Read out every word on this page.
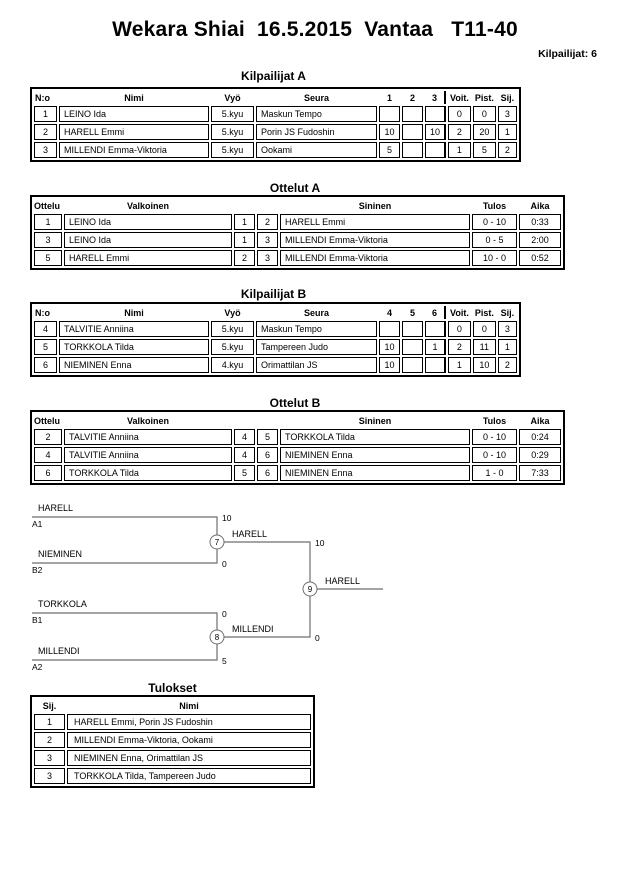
Wekara Shiai  16.5.2015  Vantaa   T11-40
Kilpailijat: 6
Kilpailijat A
N:o	Nimi	Vyö	Seura	1	2	3	Voit.	Pist.	Sij.
1	LEINO Ida	5.kyu	Maskun Tempo				0	0	3
2	HARELL Emmi	5.kyu	Porin JS Fudoshin	10		10	2	20	1
3	MILLENDI Emma-Viktoria	5.kyu	Ookami	5			1	5	2
Ottelut A
Ottelu	Valkoinen			Sininen	Tulos	Aika
1	LEINO Ida	1	2	HARELL Emmi	0 - 10	0:33
3	LEINO Ida	1	3	MILLENDI Emma-Viktoria	0 - 5	2:00
5	HARELL Emmi	2	3	MILLENDI Emma-Viktoria	10 - 0	0:52
Kilpailijat B
N:o	Nimi	Vyö	Seura	4	5	6	Voit.	Pist.	Sij.
4	TALVITIE Anniina	5.kyu	Maskun Tempo				0	0	3
5	TORKKOLA Tilda	5.kyu	Tampereen Judo	10		1	2	11	1
6	NIEMINEN Enna	4.kyu	Orimattilan JS	10			1	10	2
Ottelut B
Ottelu	Valkoinen			Sininen	Tulos	Aika
2	TALVITIE Anniina	4	5	TORKKOLA Tilda	0 - 10	0:24
4	TALVITIE Anniina	4	6	NIEMINEN Enna	0 - 10	0:29
6	TORKKOLA Tilda	5	6	NIEMINEN Enna	1 - 0	7:33
HARELL
A1
10
NIEMINEN
B2
0
7
HARELL
10
9
HARELL
TORKKOLA
B1
0
MILLENDI
A2
5
8
MILLENDI
0
Tulokset
Sij.	Nimi
1	HARELL Emmi, Porin JS Fudoshin
2	MILLENDI Emma-Viktoria, Ookami
3	NIEMINEN Enna, Orimattilan JS
3	TORKKOLA Tilda, Tampereen Judo
